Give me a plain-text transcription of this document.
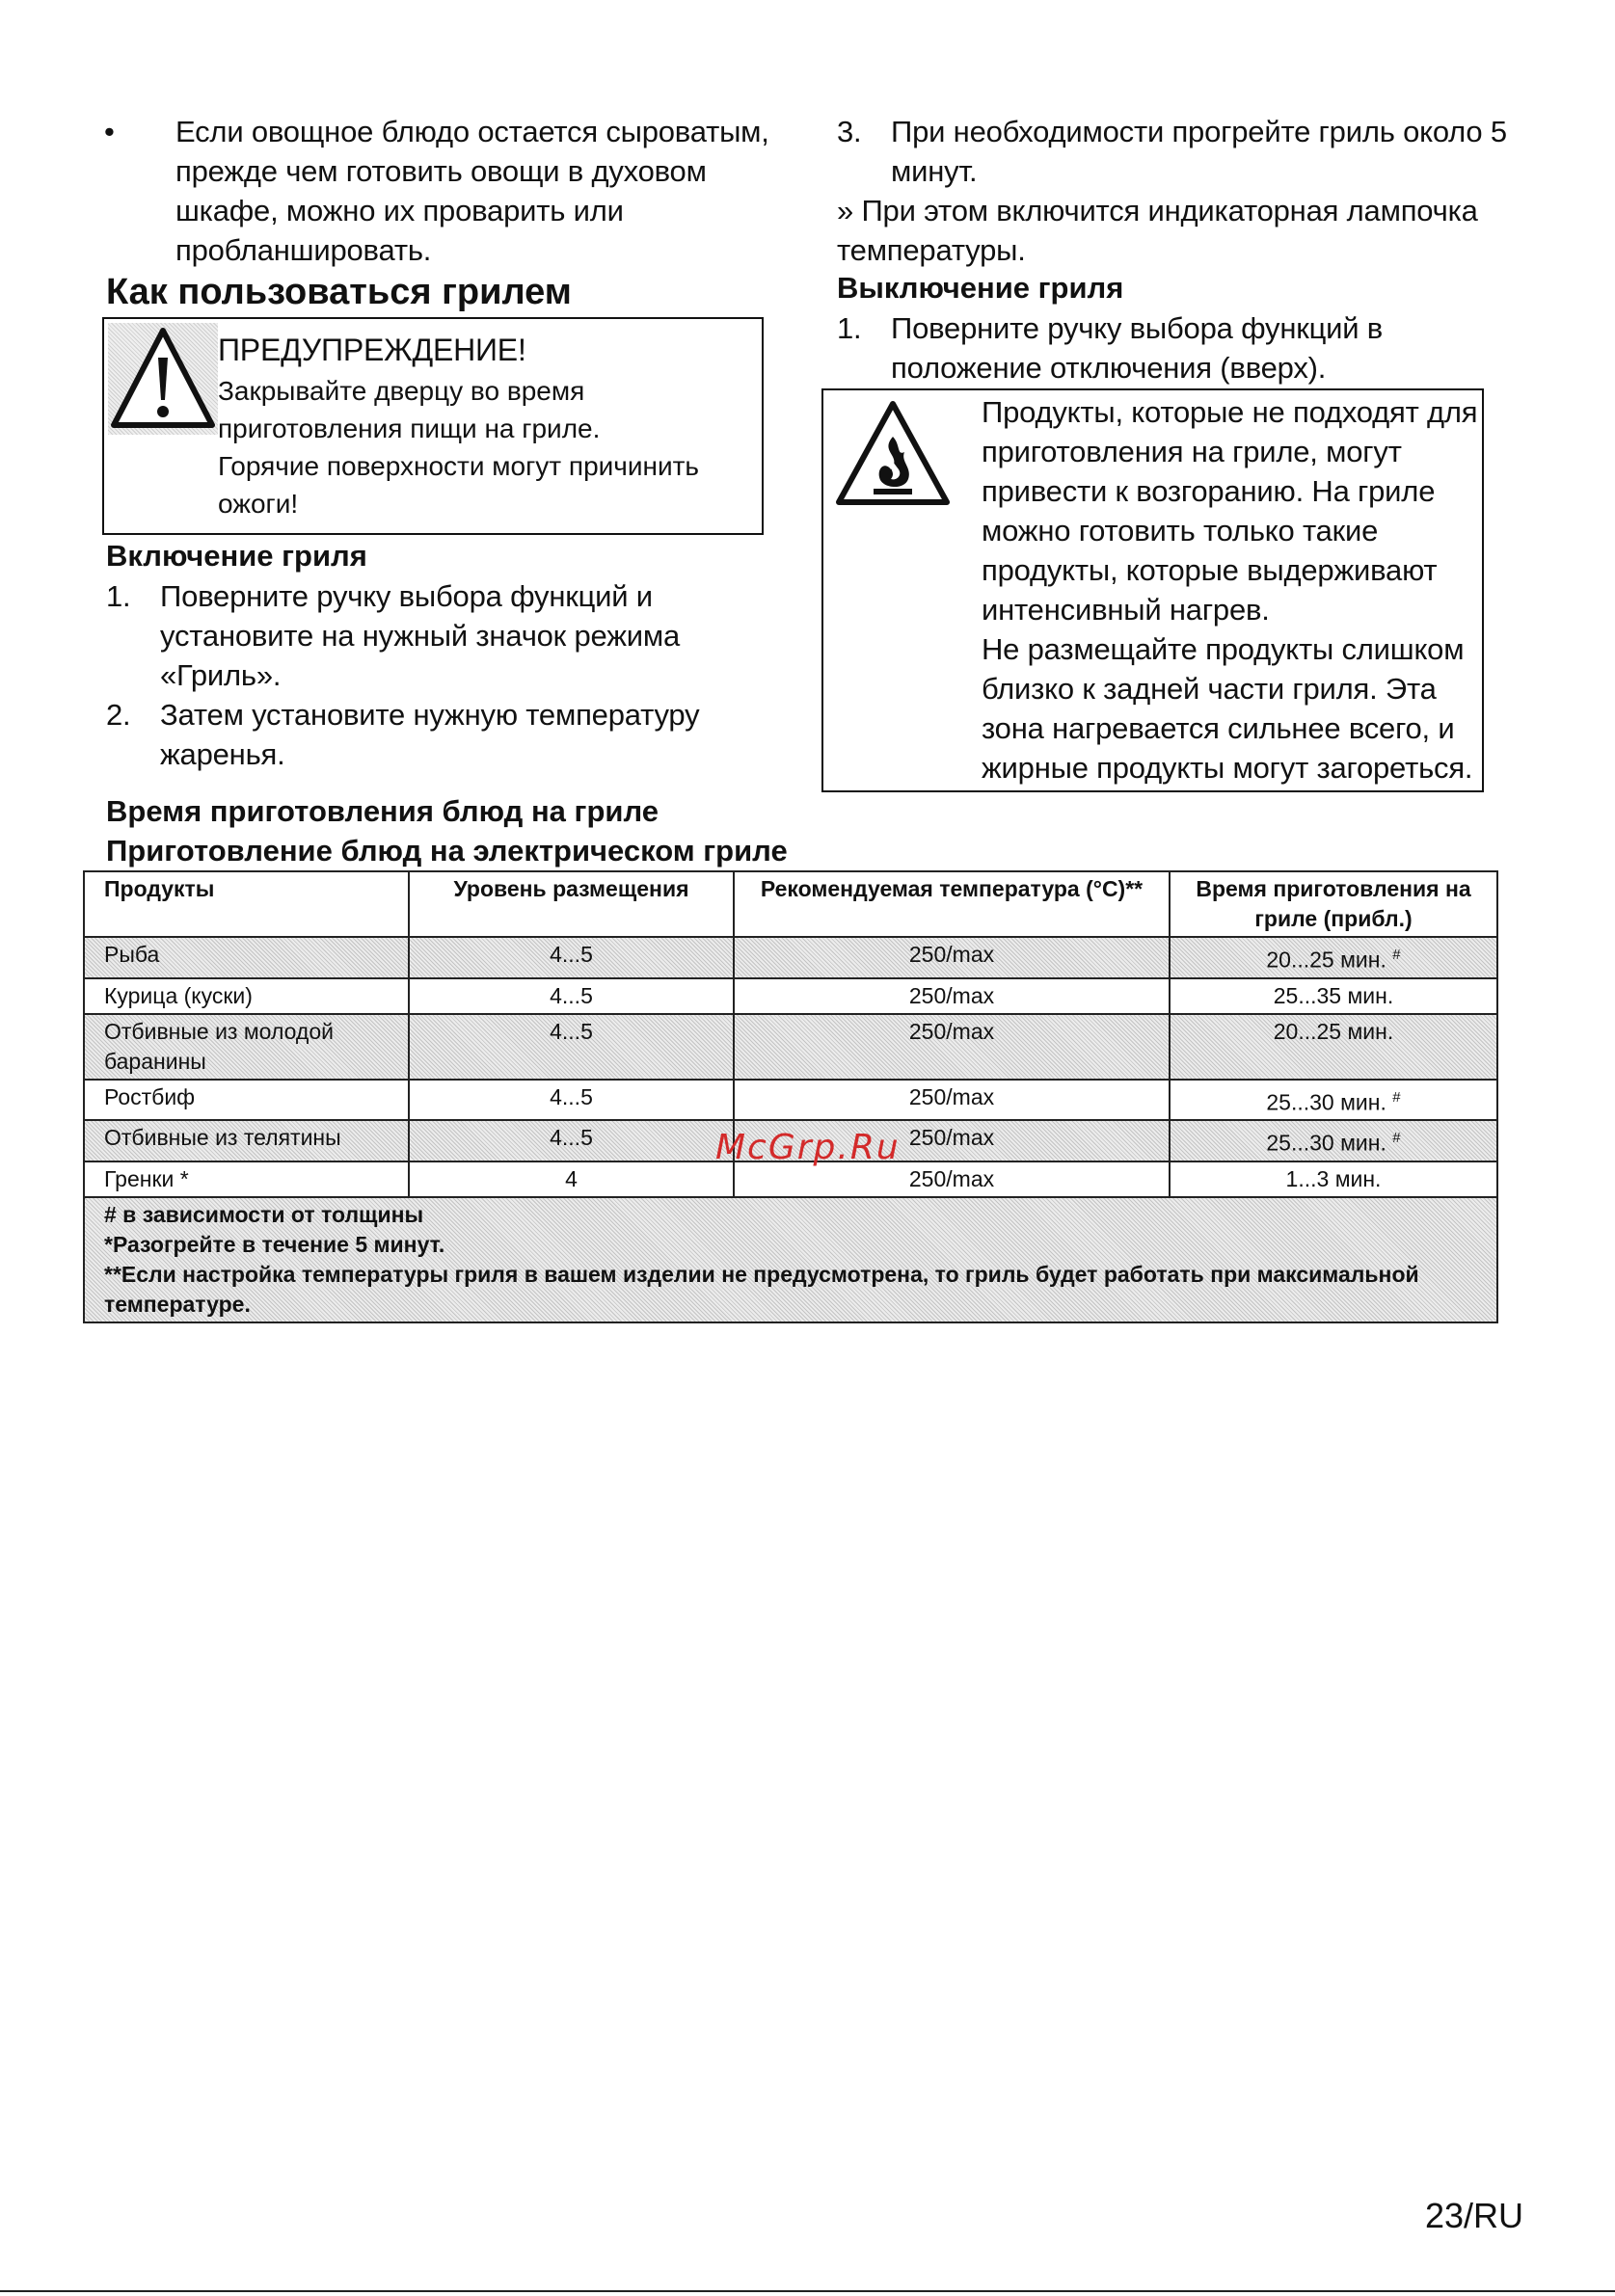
• Если овощное блюдо остается сыроватым,
прежде чем готовить овощи в духовом
шкафе, можно их проварить или
пробланшировать.
Как пользоваться грилем
ПРЕДУПРЕЖДЕНИЕ!
Закрывайте дверцу во время
приготовления пищи на гриле.
Горячие поверхности могут причинить
ожоги!
Включение гриля
1. Поверните ручку выбора функций и
установите на нужный значок режима
«Гриль».
2. Затем установите нужную температуру
жаренья.
Время приготовления блюд на гриле
Приготовление блюд на электрическом гриле
3. При необходимости прогрейте гриль около 5
минут.
» При этом включится индикаторная лампочка
температуры.
Выключение гриля
1. Поверните ручку выбора функций в
положение отключения (вверх).
Продукты, которые не подходят для
приготовления на гриле, могут
привести к возгоранию. На гриле
можно готовить только такие
продукты, которые выдерживают
интенсивный нагрев.
Не размещайте продукты слишком
близко к задней части гриля. Эта
зона нагревается сильнее всего, и
жирные продукты могут загореться.
Продукты	Уровень размещения	Рекомендуемая температура (°C)**	Время приготовления на гриле (прибл.)
Рыба	4...5	250/max	20...25 мин. #
Курица (куски)	4...5	250/max	25...35 мин.
Отбивные из молодой баранины	4...5	250/max	20...25 мин.
Ростбиф	4...5	250/max	25...30 мин. #
Отбивные из телятины	4...5	250/max	25...30 мин. #
Гренки *	4	250/max	1...3 мин.

# в зависимости от толщины
*Разогрейте в течение 5 минут.
**Если настройка температуры гриля в вашем изделии не предусмотрена, то гриль будет работать при максимальной
температуре.			
McGrp.Ru
23/RU
